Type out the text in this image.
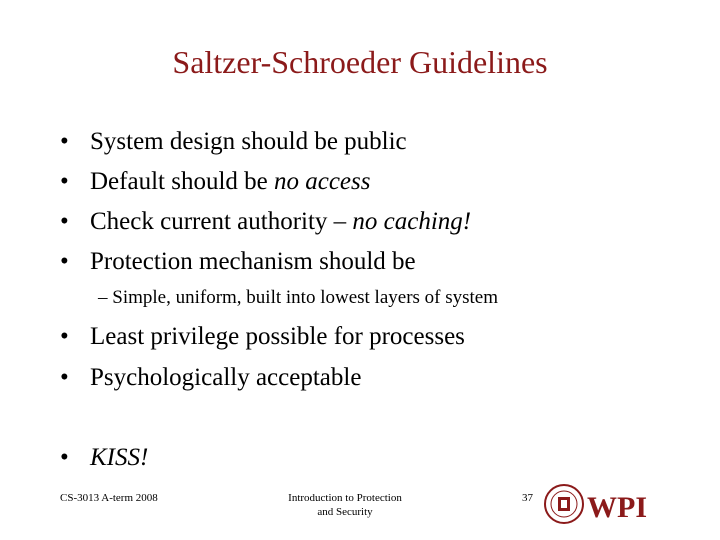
Saltzer-Schroeder Guidelines
• System design should be public
• Default should be no access
• Check current authority – no caching!
• Protection mechanism should be
– Simple, uniform, built into lowest layers of system
• Least privilege possible for processes
• Psychologically acceptable
• KISS!
CS-3013 A-term 2008	Introduction to Protection
and Security
37 WPI
